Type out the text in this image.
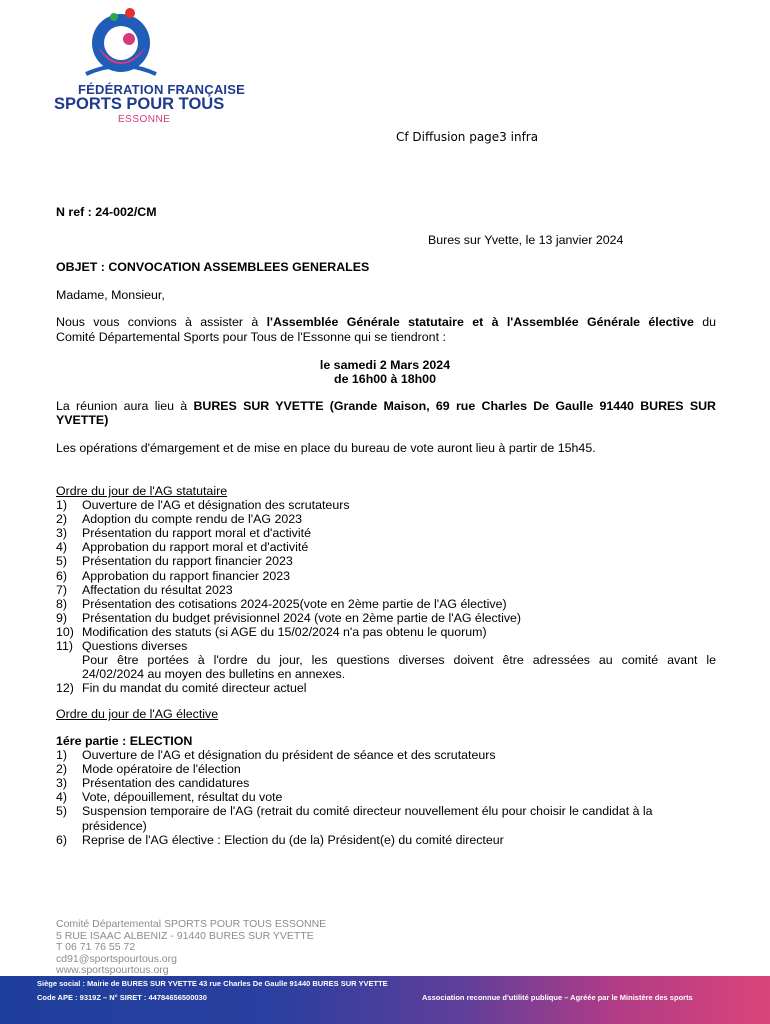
FÉDÉRATION FRANÇAISE
SPORTS POUR TOUS
ESSONNE
Cf Diffusion page3 infra
N ref : 24-002/CM
Bures sur Yvette, le 13 janvier 2024
OBJET : CONVOCATION ASSEMBLEES GENERALES
Madame, Monsieur,
Nous vous convions à assister à l'Assemblée Générale statutaire et à l'Assemblée Générale élective du
Comité Départemental Sports pour Tous de l'Essonne qui se tiendront :
le samedi 2 Mars 2024
de 16h00 à 18h00
La réunion aura lieu à BURES SUR YVETTE (Grande Maison, 69 rue Charles De Gaulle 91440 BURES SUR
YVETTE)
Les opérations d'émargement et de mise en place du bureau de vote auront lieu à partir de 15h45.
Ordre du jour de l'AG statutaire
1) Ouverture de l'AG et désignation des scrutateurs
2) Adoption du compte rendu de l'AG 2023
3) Présentation du rapport moral et d'activité
4) Approbation du rapport moral et d'activité
5) Présentation du rapport financier 2023
6) Approbation du rapport financier 2023
7) Affectation du résultat 2023
8) Présentation des cotisations 2024-2025(vote en 2ème partie de l'AG élective)
9) Présentation du budget prévisionnel 2024 (vote en 2ème partie de l'AG élective)
10) Modification des statuts (si AGE du 15/02/2024 n'a pas obtenu le quorum)
11) Questions diverses
Pour être portées à l'ordre du jour, les questions diverses doivent être adressées au comité avant le
24/02/2024 au moyen des bulletins en annexes.
12) Fin du mandat du comité directeur actuel
Ordre du jour de l'AG élective
1ére partie : ELECTION
1) Ouverture de l'AG et désignation du président de séance et des scrutateurs
2) Mode opératoire de l'élection
3) Présentation des candidatures
4) Vote, dépouillement, résultat du vote
5) Suspension temporaire de l'AG (retrait du comité directeur nouvellement élu pour choisir le candidat à la
présidence)
6) Reprise de l'AG élective : Election du (de la) Président(e) du comité directeur
Comité Départemental SPORTS POUR TOUS ESSONNE
5 RUE ISAAC ALBENIZ - 91440 BURES SUR YVETTE
T 06 71 76 55 72
cd91@sportspourtous.org
www.sportspourtous.org
Siège social : Mairie de BURES SUR YVETTE 43 rue Charles De Gaulle 91440 BURES SUR YVETTE
Code APE : 9319Z – N° SIRET : 44784656500030	Association reconnue d'utilité publique – Agréée par le Ministère des sports
